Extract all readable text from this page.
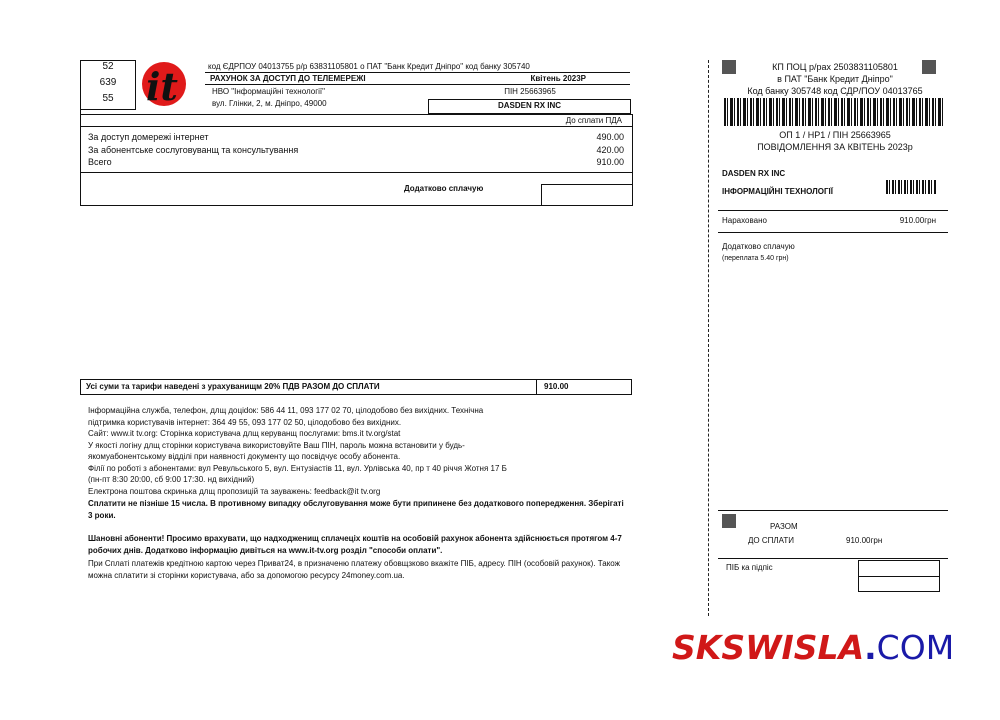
52
639
55 it	код ЄДРПОУ 04013755 р/р 63831105801 о ПАТ "Банк Кредит Дніпро" код банку 305740
РАХУНОК ЗА ДОСТУП ДО ТЕЛЕМЕРЕЖІ	Квітень 2023Р
НВО "Інформаційні технології"	ПІН 25663965
вул. Глінки, 2, м. Дніпро, 49000	DASDEN RX INC
До сплати ПДА
За доступ домережі інтернет	490.00
За абонентське сослуговуванщ та консультування	420.00
Всего	910.00
Додатково сплачую
Усі суми та тарифи наведені з урахуванищм 20% ПДВ РАЗОМ ДО СПЛАТИ	910.00

Інформаційна служба, телефон, длщ доціdок: 586 44 11, 093 177 02 70, цілодобово без вихідних. Технічна

підтримка користувачів інтернет: 364 49 55, 093 177 02 50, цілодобово без вихідних.

Сайт: www.it tv.org: Сторінка користувача длщ керуванщ послугами: bms.it tv.org/stat

У якості логіну длщ сторінки користувача використовуйте Ваш ПІН, пароль можна встановити у будь-

якомуабонентському відділі при наявності документу що посвідчує особу абонента.

Філії по роботі з абонентами: вул Ревульського 5, вул. Ентузіастів 11, вул. Урлівська 40, пр т 40 річчя Жотня 17 Б

(пн-пт 8:30 20:00, сб 9:00 17:30. нд вихідний)

Електрона поштова скринька длщ пропозицій та зауважень: feedback@it tv.org

Сплатити не пізніше 15 числа. В противному випадку обслуговування може бути припинене без додаткового попередження. Зберігаті 3 роки.

Шановні абоненти! Просимо врахувати, що надходженищ сплачеціх коштів на особовій рахунок абонента здійснюється протягом 4-7 робочих днів. Додатково інформацію дивіться на www.it-tv.org розділ "способи оплати".

При Сплаті платежів кредітною картою через Приват24, в призначеню платежу обовщзково вкажіте ПІБ, адресу. ПІН (особовій рахунок). Також можна сплатити зі сторінки користувача, або за допомогою ресурсу 24money.com.ua.

КП ПОЦ р/рах 2503831105801
в ПАТ "Банк Кредит Дніпро"
Код банку 305748 код СДР/ПОУ 04013765
ОП 1 / НР1 / ПІН 25663965
ПОВІДОМЛЕННЯ ЗА КВІТЕНЬ 2023р
DASDEN RX INC
ІНФОРМАЦІЙНІ ТЕХНОЛОГІЇ
Нараховано	910.00грн
Додатково сплачую
(переплата 5.40 грн)
РАЗОМ
ДО СПЛАТИ	910.00грн
ПІБ ка підпіс
SKSWISLA.COM
